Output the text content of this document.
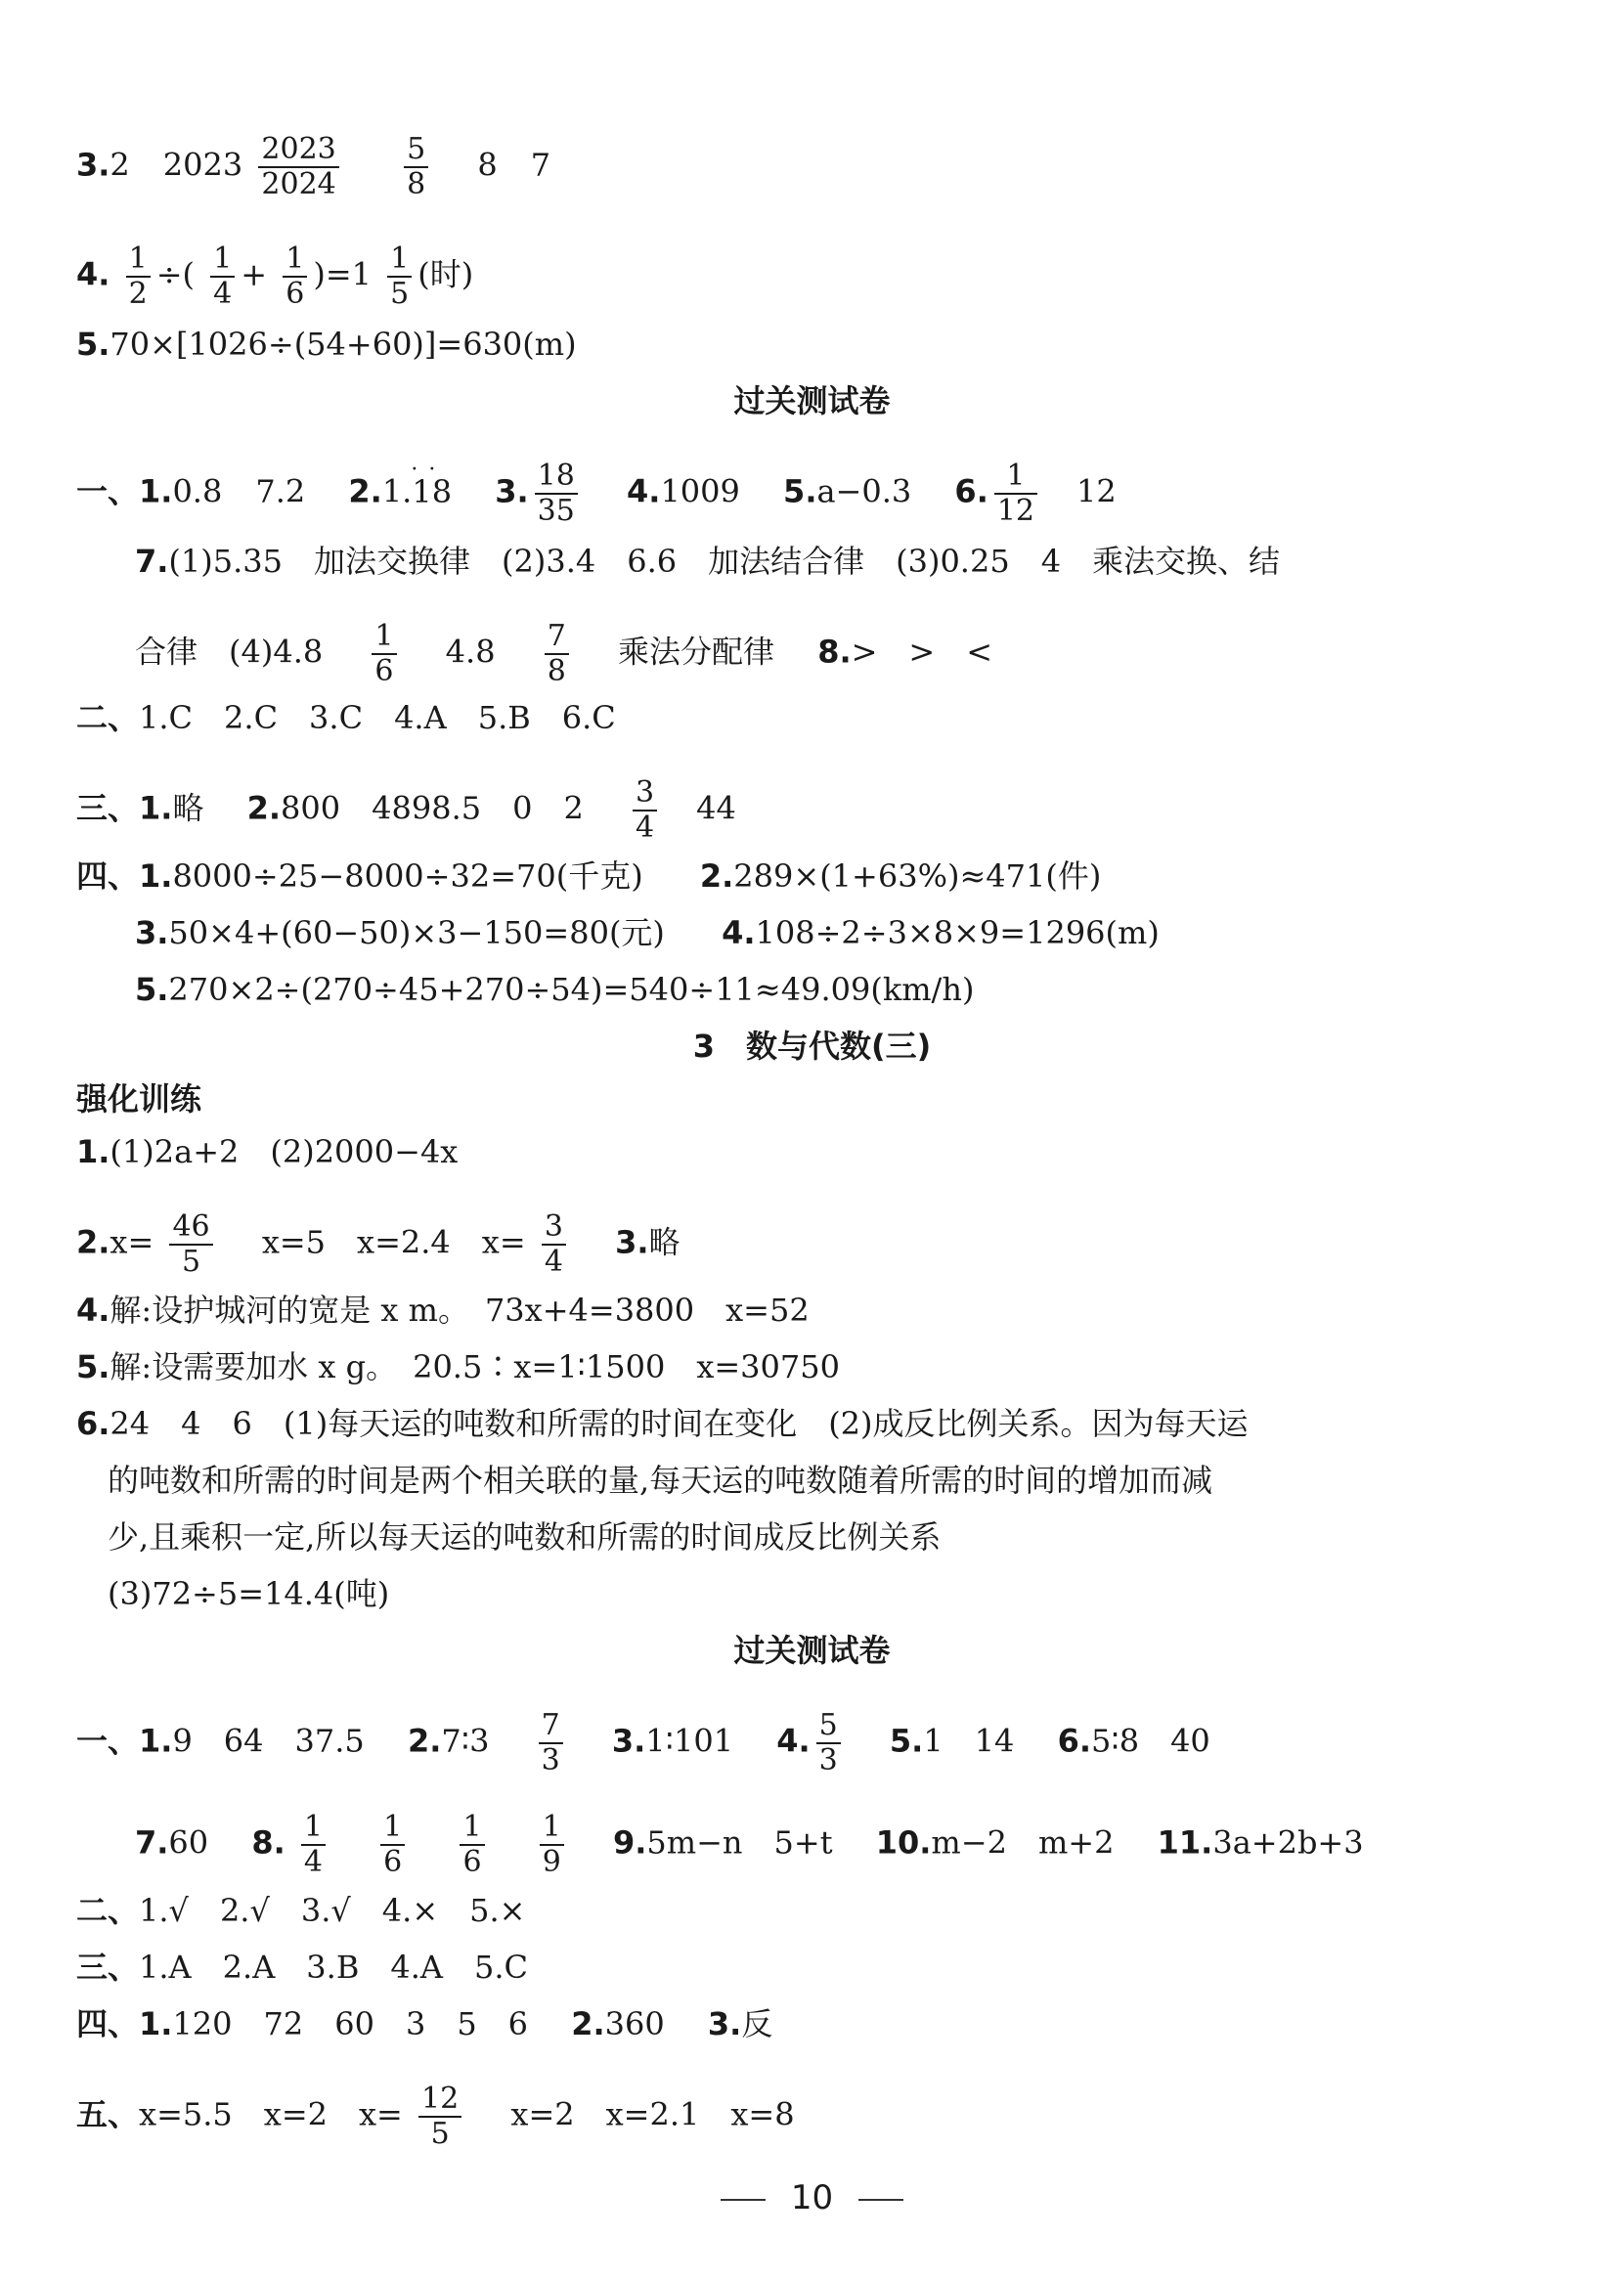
3.2 $2023 \frac{2023}{2024}$
$\frac{5}{8} 8$ 7
4. $\frac{1}{2}$ ÷( $\frac{1}{4} + \frac{1}{6} )=1 \frac{1}{5}$ (时)
5.70×[1026÷(54+60)]=630(m)
过关测试卷
一、1.0.8 7.2 2.1.· · 18 3. $\frac{18}{35} 4.1009$ 5.a−0.3 6. $\frac{1}{12} 12$
7.(1)5.35　加法交换律　(2)3.4　6.6　加法结合律　(3)0.25　4　乘法交换、结
合律　$(4)4.8 \frac{1}{6} 4.8 \frac{7}{8}$ 乘法分配律 8.>　>　<
二、1.C　2.C　3.C　4.A　5.B　6.C
三、1.略 2.800　4898.5　0　$2 \frac{3}{4} 44$
四、1.8000÷25−8000÷32=70(千克) 2.289×(1+63%)≈471(件)
3.50×4+(60−50)×3−150=80(元) 4.108÷2÷3×8×9=1296(m)
5.270×2÷(270÷45+270÷54)=540÷11≈49.09(km/h)
3　数与代数(三)
强化训练
1.(1)2a+2　(2)2000−4x
$2.x= \frac{46}{5} x=5$　x=2.4　$x= \frac{3}{4} 3$.略
4.解:设护城河的宽是 x m。　73x+4=3800　x=52
5.解:设需要加水 x g。　20.5∶x=1∶1500　x=30750
6.24　4　6　(1)每天运的吨数和所需的时间在变化　(2)成反比例关系。因为每天运
的吨数和所需的时间是两个相关联的量,每天运的吨数随着所需的时间的增加而减
少,且乘积一定,所以每天运的吨数和所需的时间成反比例关系
(3)72÷5=14.4(吨)
过关测试卷
一、1.9　64　37.5 2.7∶3 $\frac{7}{3}$ 3.1∶101 4. $\frac{5}{3} 5.1$　14 6.5∶8　40
7.60 8. $\frac{1}{4}$
$\frac{1}{6}$
$\frac{1}{6}$
$\frac{1}{9} 9.5m-n$　5+t 10.m−2　m+2 11.3a+2b+3
二、1.√　2.√　3.√　4.×　5.×
三、1.A　2.A　3.B　4.A　5.C
四、1.120　72　60　3　5　6 2.360 3.反
五、x=5.5　x=2　$x= \frac{12}{5} x=2$　x=2.1　x=8
10
